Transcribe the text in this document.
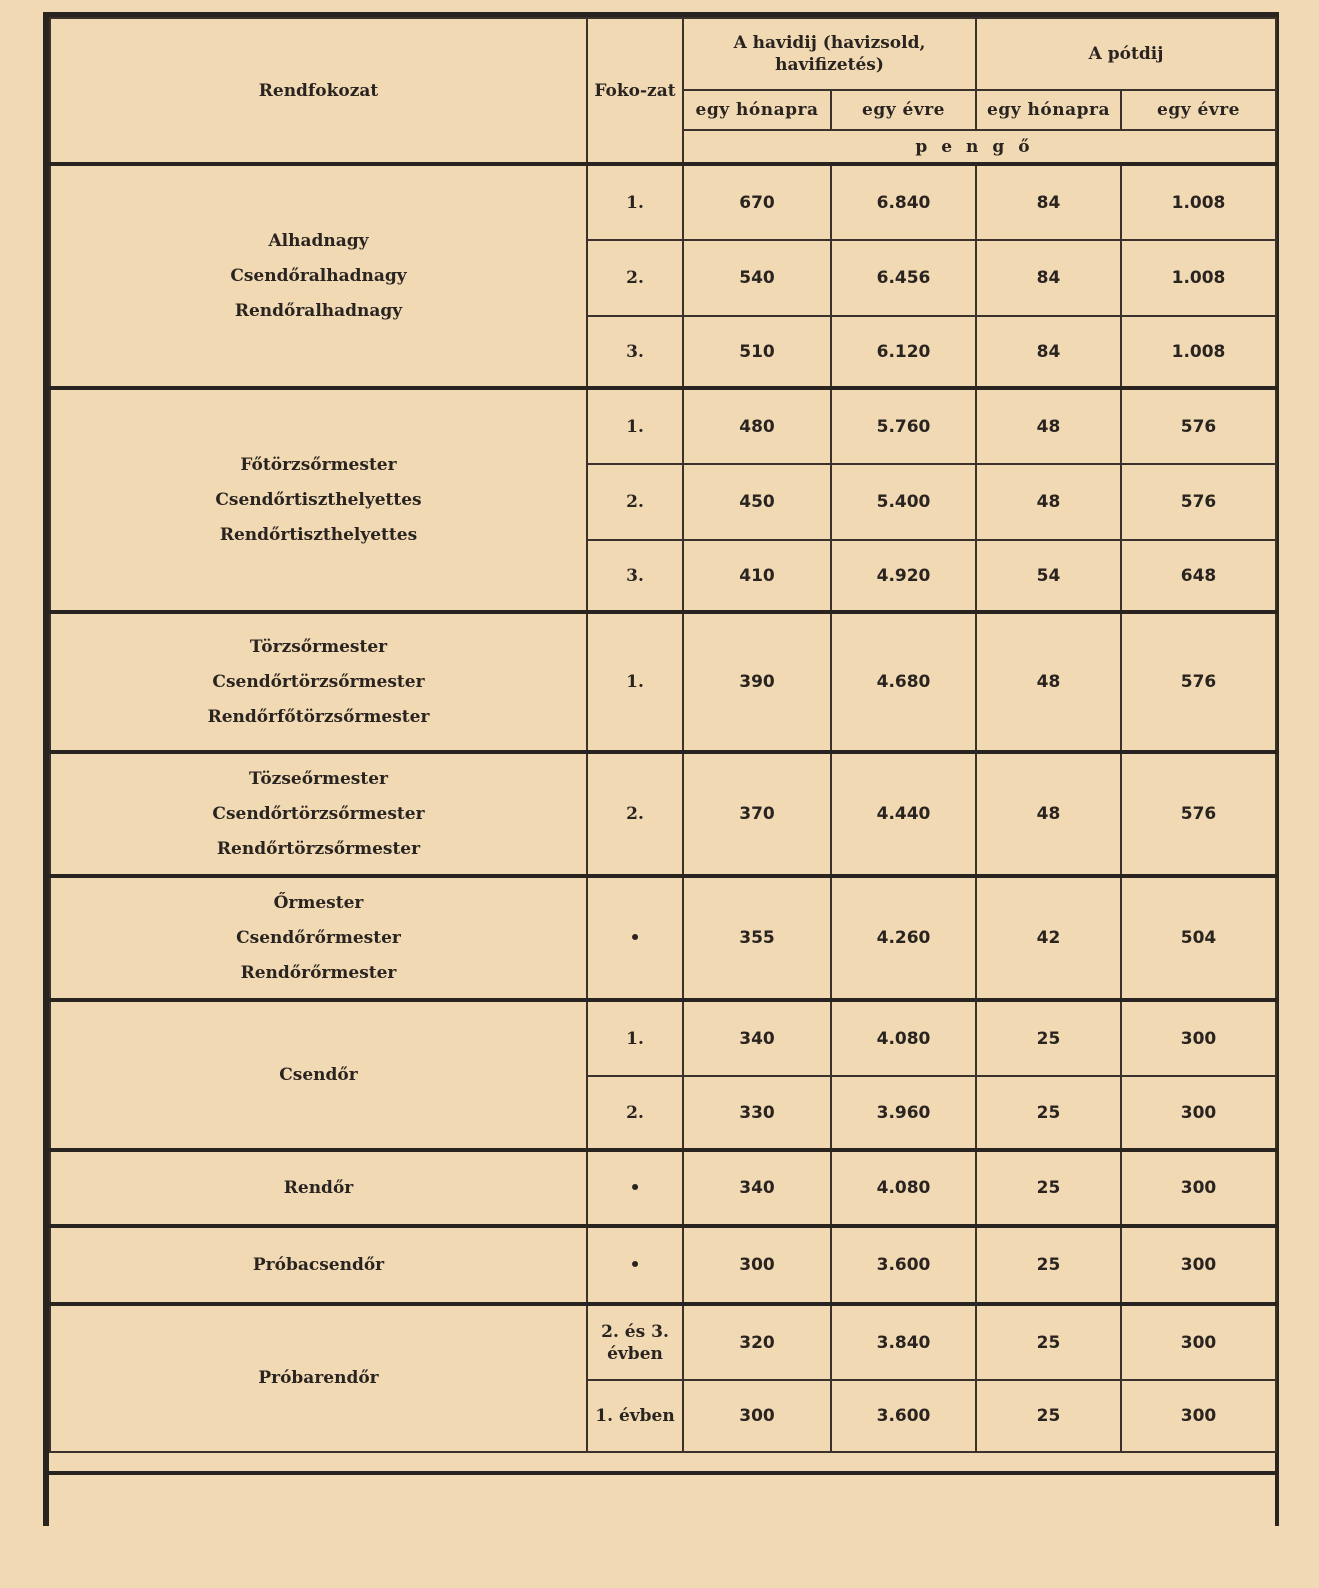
Rendfokozat	Foko-zat	A havidij (havizsold, havifizetés)		A pótdij	
		egy hónapra	egy évre	egy hónapra	egy évre
		pengő			

Alhadnagy
Csendőralhadnagy
Rendőralhadnagy	1.	670	6.840	84	1.008
	2.	540	6.456	84	1.008
	3.	510	6.120	84	1.008

Főtörzsőrmester
Csendőrtiszthelyettes
Rendőrtiszthelyettes	1.	480	5.760	48	576
	2.	450	5.400	48	576
	3.	410	4.920	54	648

Törzsőrmester
Csendőrtörzsőrmester
Rendőrfőtörzsőrmester	1.	390	4.680	48	576

Tözseőrmester
Csendőrtörzsőrmester
Rendőrtörzsőrmester	2.	370	4.440	48	576

Őrmester
Csendőrőrmester
Rendőrőrmester	•	355	4.260	42	504

Csendőr	1.	340	4.080	25	300
	2.	330	3.960	25	300

Rendőr	•	340	4.080	25	300

Próbacsendőr	•	300	3.600	25	300

Próbarendőr	2. és 3. évben	320	3.840	25	300
	1. évben	300	3.600	25	300
